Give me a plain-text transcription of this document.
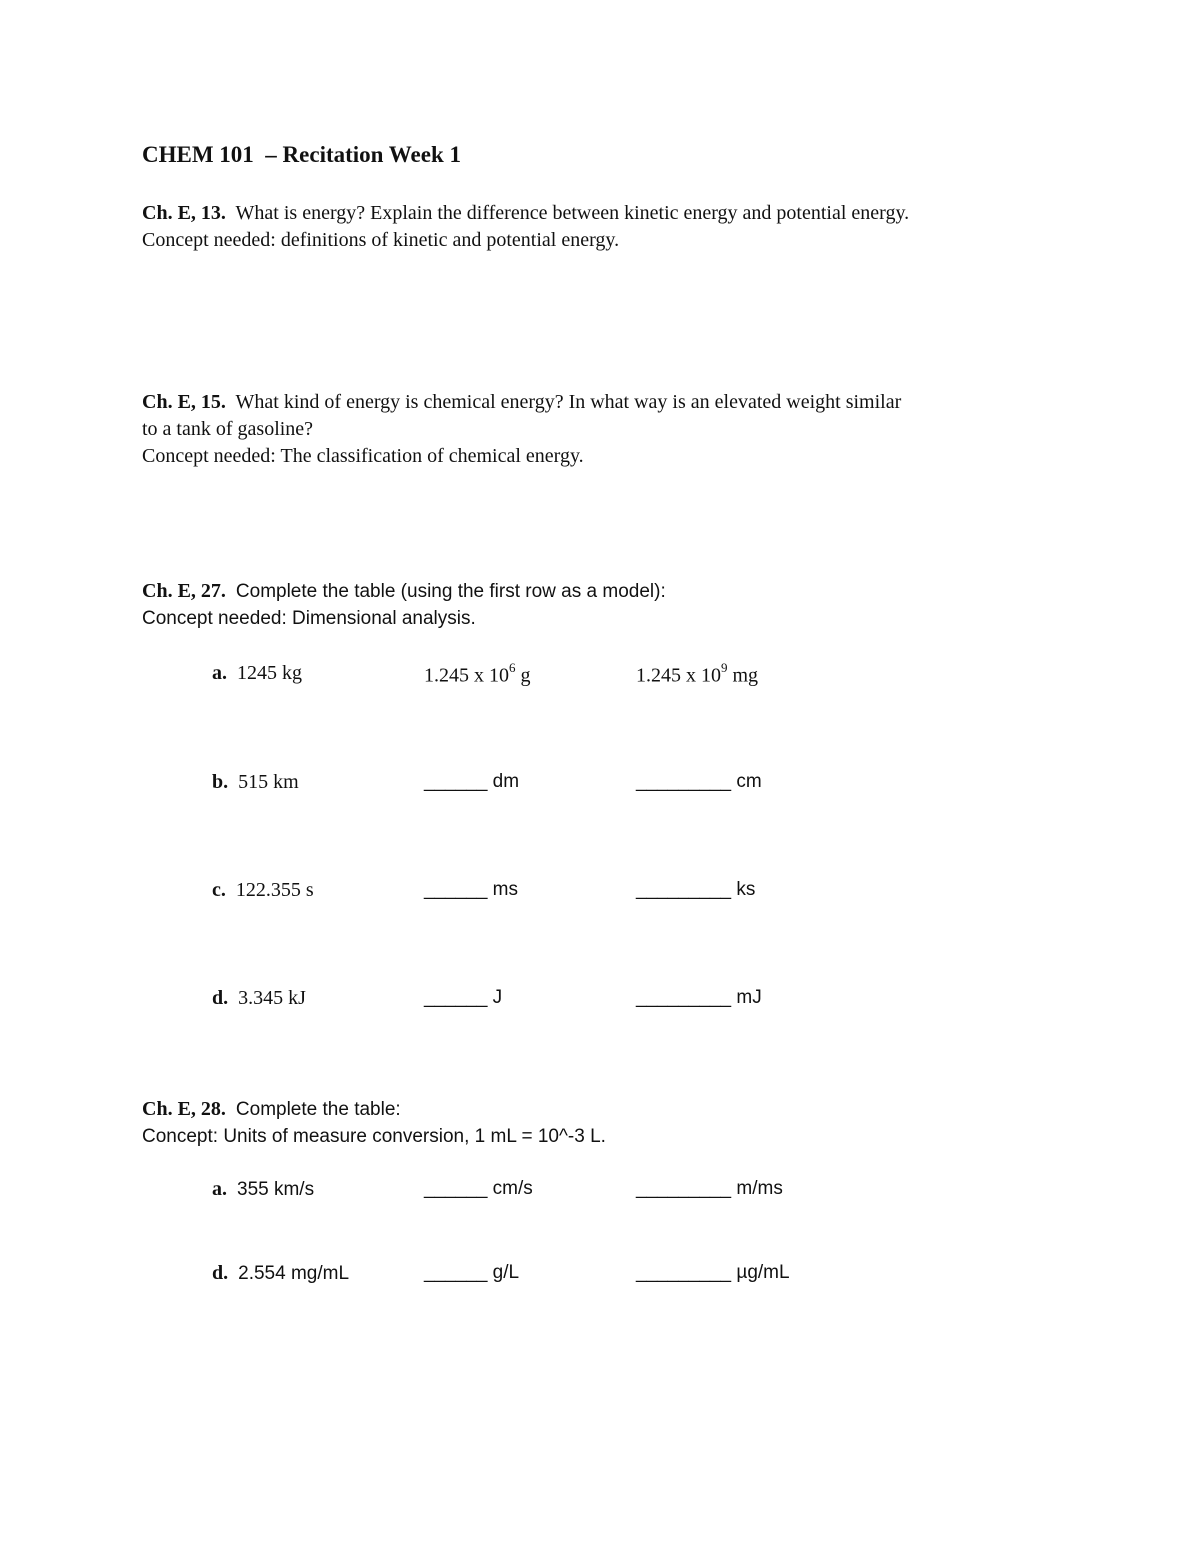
CHEM 101  – Recitation Week 1
Ch. E, 13. What is energy? Explain the difference between kinetic energy and potential energy.
Concept needed: definitions of kinetic and potential energy.
Ch. E, 15. What kind of energy is chemical energy? In what way is an elevated weight similar
to a tank of gasoline?
Concept needed: The classification of chemical energy.
Ch. E, 27. Complete the table (using the first row as a model):
Concept needed: Dimensional analysis.
a. 1245 kg	1.245 x $10^6$ g	1.245 x $10^9$ mg
b. 515 km	______ dm	_________ cm
c. 122.355 s	______ ms	_________ ks
d. 3.345 kJ	______ J	_________ mJ
Ch. E, 28. Complete the table:
Concept: Units of measure conversion, 1 mL = 10^-3 L.
a. 355 km/s	______ cm/s	_________ m/ms
d. 2.554 mg/mL	______ g/L	_________ µg/mL
